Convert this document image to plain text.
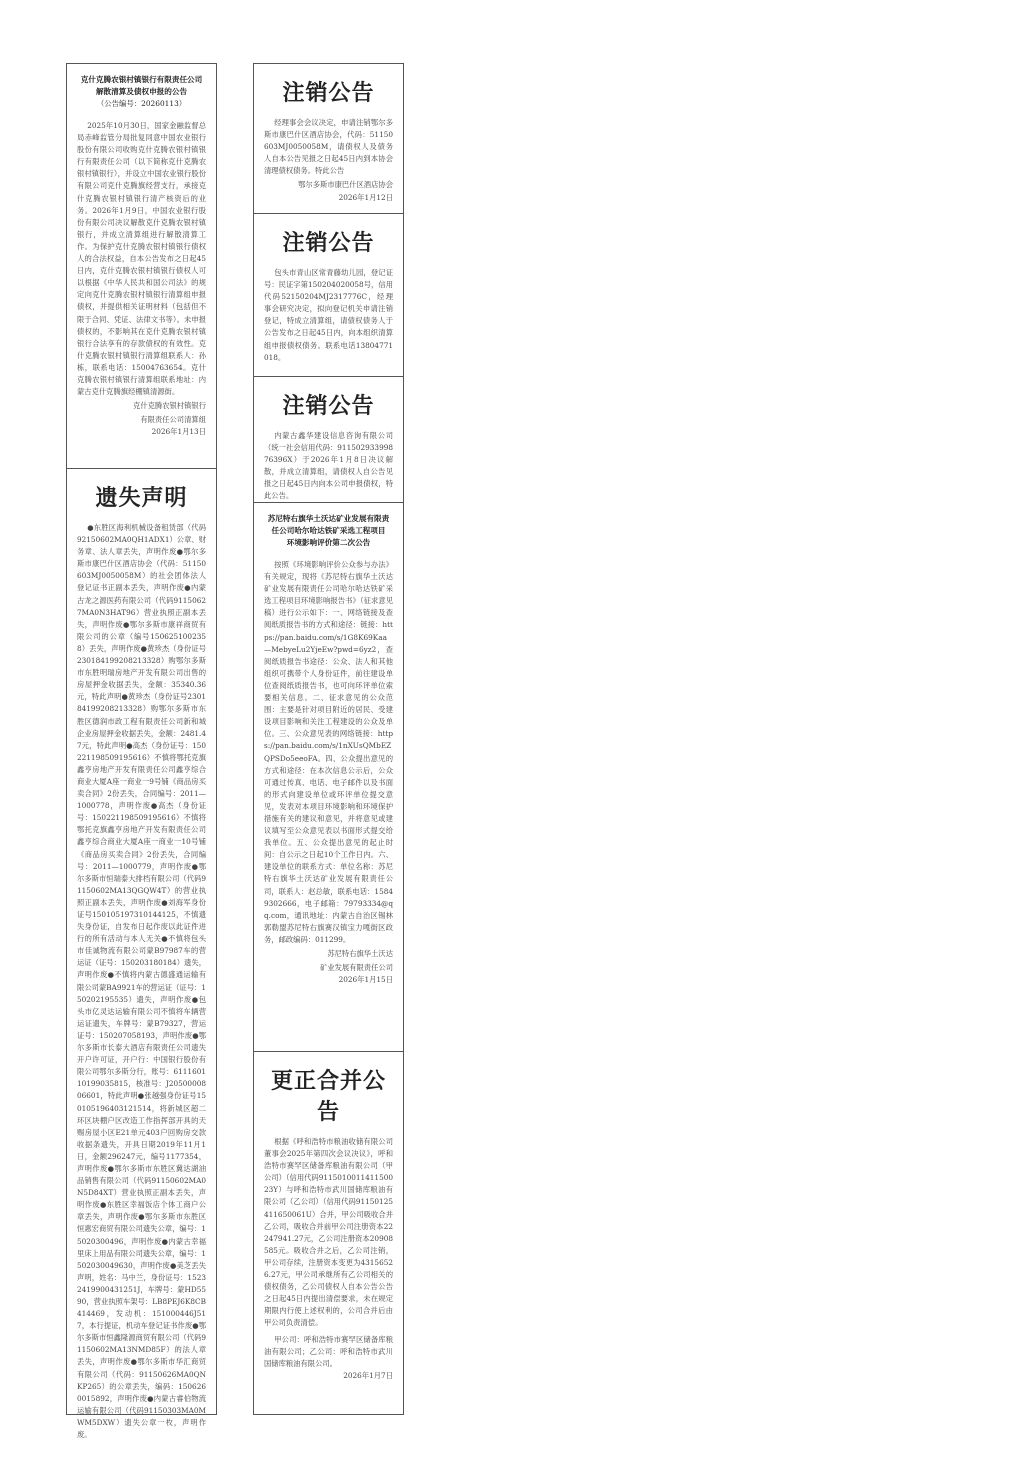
克什克腾农银村镇银行有限责任公司
解散清算及债权申报的公告
（公告编号：20260113）
2025年10月30日，国家金融监督总局赤峰监管分局批复同意中国农业银行股份有限公司收购克什克腾农银村镇银行有限责任公司（以下简称克什克腾农银村镇银行），并设立中国农业银行股份有限公司克什克腾旗经营支行，承接克什克腾农银村镇银行清产核资后的业务。2026年1月9日，中国农业银行股份有限公司决议解散克什克腾农银村镇银行，并成立清算组进行解散清算工作。为保护克什克腾农银村镇银行债权人的合法权益，自本公告发布之日起45日内，克什克腾农银村镇银行债权人可以根据《中华人民共和国公司法》的规定向克什克腾农银村镇银行清算组申报债权，并提供相关证明材料（包括但不限于合同、凭证、法律文书等）。未申报债权的，不影响其在克什克腾农银村镇银行合法享有的存款债权的有效性。克什克腾农银村镇银行清算组联系人：孙栋，联系电话：15004763654。克什克腾农银村镇银行清算组联系地址：内蒙古克什克腾旗经棚镇清源街。
克什克腾农银村镇银行
有限责任公司清算组
2026年1月13日
遗失声明
●东胜区海利机械设备租赁部（代码92150602MA0QH1ADX1）公章、财务章、法人章丢失，声明作废●鄂尔多斯市康巴什区酒店协会（代码：51150603MJ0050058M）的社会团体法人登记证书正副本丢失，声明作废●内蒙古龙之源医药有限公司（代码91150627MA0N3HAT96）营业执照正副本丢失，声明作废●鄂尔多斯市康祥商贸有限公司的公章（编号1506251002358）丢失，声明作废●黄珍杰（身份证号230184199208213328）购鄂尔多斯市东胜明瑞房地产开发有限公司出售的房屋押金收据丢失，金额：35340.36元，特此声明●黄珍杰（身份证号230184199208213328）购鄂尔多斯市东胜区德润市政工程有限责任公司新和城企业房屋押金收据丢失，金额：2481.47元，特此声明●高杰（身份证号：150221198509195616）不慎将鄂托克旗鑫亨房地产开发有限责任公司鑫亨综合商业大厦A座一商业一9号铺《商品房买卖合同》2份丢失，合同编号：2011—1000778，声明作废●高杰（身份证号：150221198509195616）不慎将鄂托克旗鑫亨房地产开发有限责任公司鑫亨综合商业大厦A座一商业一10号铺《商品房买卖合同》2份丢失，合同编号：2011—1000779，声明作废●鄂尔多斯市恒瑞泰大排档有限公司（代码91150602MA13QGQW4T）的营业执照正副本丢失，声明作废●刘海军身份证号150105197310144125，不慎遗失身份证，自发布日起作废以此证件进行的所有活动与本人无关●不慎将包头市佳诚物流有限公司蒙B97987车的营运证（证号：150203180184）遗失，声明作废●不慎将内蒙古德盛通运输有限公司蒙BA9921车的营运证（证号：150202195535）遗失，声明作废●包头市亿灵达运输有限公司不慎将车辆营运证遗失，车牌号：蒙B79327，营运证号：150207058193，声明作废●鄂尔多斯市长泰大酒店有限责任公司遗失开户许可证，开户行：中国银行股份有限公司鄂尔多斯分行，账号：611160110199035815，核准号：J2050000806601，特此声明●张越强身份证号150105196403121514，将新城区超二环区块棚户区改造工作指挥部开具的天赐房屋小区E21单元403户回购房交款收据条遗失，开具日期2019年11月1日，金额296247元，编号1177354，声明作废●鄂尔多斯市东胜区冀达湖油品销售有限公司（代码91150602MA0N5D84XT）营业执照正副本丢失，声明作废●东胜区幸福饭店个体工商户公章丢失，声明作废●鄂尔多斯市东胜区恒惠宏商贸有限公司遗失公章，编号：15020300496，声明作废●内蒙古幸福里床上用品有限公司遗失公章，编号：1502030049630，声明作废●美芝丢失声明，姓名：马中兰，身份证号：15232419900431251J，车牌号：蒙HD5590，营业执照车架号：LB8PEJ6K8CB414469，发动机：151000446J517，本行提证，机动车登记证书作废●鄂尔多斯市恒鑫隆源商贸有限公司（代码91150602MA13NMD85F）的法人章丢失，声明作废●鄂尔多斯市华汇商贸有限公司（代码：91150626MA0QNKP265）的公章丢失，编码：1506260015892，声明作废●内蒙古睿伯物流运输有限公司（代码91150303MA0MWM5DXW）遗失公章一枚，声明作废。
注销公告
经理事会会议决定，申请注销鄂尔多斯市康巴什区酒店协会，代码：51150603MJ0050058M，请债权人及债务人自本公告见报之日起45日内到本协会清理债权债务。特此公告
鄂尔多斯市康巴什区酒店协会
2026年1月12日
注销公告
包头市青山区常青藤幼儿园，登记证号：民证字第150204020058号，信用代码52150204MJ2317776C，经理事会研究决定，拟向登记机关申请注销登记，特成立清算组，请债权债务人于公告发布之日起45日内，向本组织清算组申报债权债务。联系电话13804771018。
注销公告
内蒙古鑫华建设信息咨询有限公司（统一社会信用代码：91150293399876396X）于2026年1月8日决议解散，并成立清算组，请债权人自公告见报之日起45日内向本公司申报债权，特此公告。
苏尼特右旗华土沃达矿业发展有限责
任公司哈尔哈达铁矿采选工程项目
环境影响评价第二次公告
按照《环境影响评价公众参与办法》有关规定，现将《苏尼特右旗华土沃达矿业发展有限责任公司哈尔哈达铁矿采选工程项目环境影响报告书》（征求意见稿）进行公示如下：一、网络链接及查阅纸质报告书的方式和途径：链接：https://pan.baidu.com/s/1G8K69Kaa—MebyeLu2YjeEw?pwd=6yz2，查阅纸质报告书途径：公众、法人和其他组织可携带个人身份证件，前往建设单位查阅纸质报告书，也可向环评单位索要相关信息。二、征求意见的公众范围：主要是针对项目附近的居民、受建设项目影响和关注工程建设的公众及单位。三、公众意见表的网络链接：https://pan.baidu.com/s/1nXUsQMbEZQPSDo5eeoFA。四、公众提出意见的方式和途径：在本次信息公示后，公众可通过传真、电话、电子邮件以及书面的形式向建设单位或环评单位提交意见，发表对本项目环境影响和环境保护措施有关的建议和意见，并将意见或建议填写至公众意见表以书面形式提交给我单位。五、公众提出意见的起止时间：自公示之日起10个工作日内。六、建设单位的联系方式：单位名称：苏尼特右旗华土沃达矿业发展有限责任公司，联系人：赵总敏，联系电话：15849302666，电子邮箱：79793334@qq.com，通讯地址：内蒙古自治区锡林郭勒盟苏尼特右旗赛汉镇宝力嘎街区政务，邮政编码：011299。
苏尼特右旗华土沃达
矿业发展有限责任公司
2026年1月15日
更正合并公告
根据《呼和浩特市粮油收储有限公司董事会2025年第四次会议决议》，呼和浩特市赛罕区储备库粮油有限公司（甲公司）（信用代码911501001141150023Y）与呼和浩特市武川国储库粮油有限公司（乙公司）（信用代码91150125411650061U）合并，甲公司吸收合并乙公司，吸收合并前甲公司注册资本22247941.27元，乙公司注册资本20908585元。吸收合并之后，乙公司注销，甲公司存续，注册资本变更为43156526.27元，甲公司承继所有乙公司相关的债权债务，乙公司债权人自本公告公告之日起45日内提出清偿要求，未在规定期限内行使上述权利的，公司合并后由甲公司负责清偿。
甲公司：呼和浩特市赛罕区储备库粮油有限公司；乙公司：呼和浩特市武川国储库粮油有限公司。
2026年1月7日
